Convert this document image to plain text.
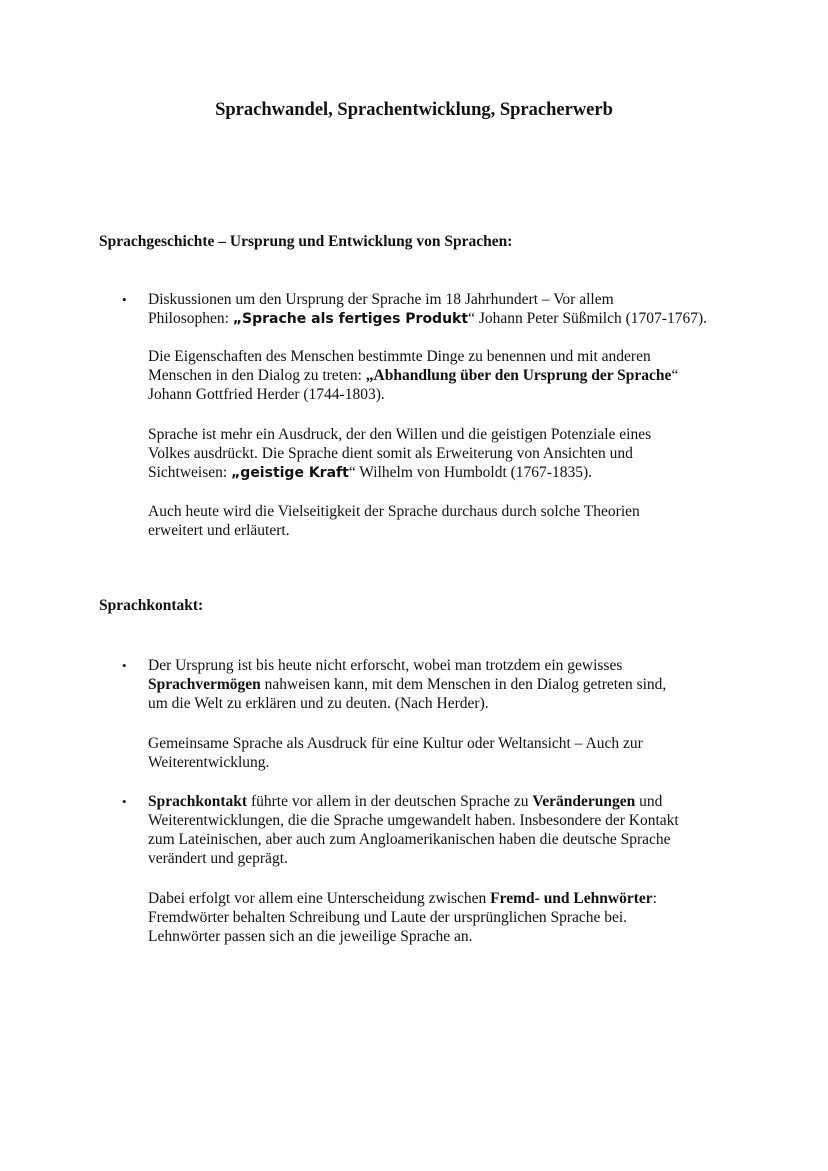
Sprachwandel, Sprachentwicklung, Spracherwerb
Sprachgeschichte – Ursprung und Entwicklung von Sprachen:
• Diskussionen um den Ursprung der Sprache im 18 Jahrhundert – Vor allem
Philosophen: „Sprache als fertiges Produkt“ Johann Peter Süßmilch (1707-1767).

Die Eigenschaften des Menschen bestimmte Dinge zu benennen und mit anderen
Menschen in den Dialog zu treten: „Abhandlung über den Ursprung der Sprache“
Johann Gottfried Herder (1744-1803).

Sprache ist mehr ein Ausdruck, der den Willen und die geistigen Potenziale eines
Volkes ausdrückt. Die Sprache dient somit als Erweiterung von Ansichten und
Sichtweisen: „geistige Kraft“ Wilhelm von Humboldt (1767-1835).

Auch heute wird die Vielseitigkeit der Sprache durchaus durch solche Theorien
erweitert und erläutert.

Sprachkontakt:
• Der Ursprung ist bis heute nicht erforscht, wobei man trotzdem ein gewisses
Sprachvermögen nahweisen kann, mit dem Menschen in den Dialog getreten sind,
um die Welt zu erklären und zu deuten. (Nach Herder).

Gemeinsame Sprache als Ausdruck für eine Kultur oder Weltansicht – Auch zur
Weiterentwicklung.

• Sprachkontakt führte vor allem in der deutschen Sprache zu Veränderungen und
Weiterentwicklungen, die die Sprache umgewandelt haben. Insbesondere der Kontakt
zum Lateinischen, aber auch zum Angloamerikanischen haben die deutsche Sprache
verändert und geprägt.

Dabei erfolgt vor allem eine Unterscheidung zwischen Fremd- und Lehnwörter:
Fremdwörter behalten Schreibung und Laute der ursprünglichen Sprache bei.
Lehnwörter passen sich an die jeweilige Sprache an.
